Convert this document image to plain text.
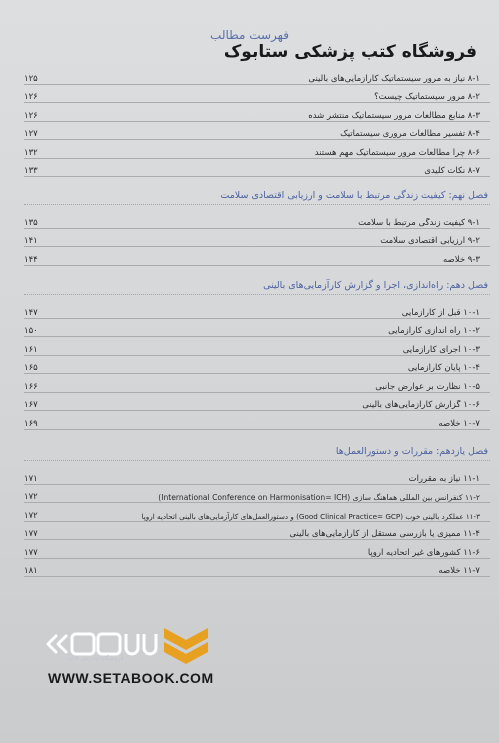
فهرست مطالب
فروشگاه کتب پزشکی ستابوک
۸-۱ نیاز به مرور سیستماتیک کارآزمایی‌های بالینی
۱۲۵
۸-۲ مرور سیستماتیک چیست؟
۱۲۶
۸-۳ منابع مطالعات مرور سیستماتیک منتشر شده
۱۲۶
۸-۴ تفسیر مطالعات مروری سیستماتیک
۱۲۷
۸-۶ چرا مطالعات مرور سیستماتیک مهم هستند
۱۳۲
۸-۷ نکات کلیدی
۱۳۳
فصل نهم: کیفیت زندگی مرتبط با سلامت و ارزیابی اقتصادی سلامت
۹-۱ کیفیت زندگی مرتبط با سلامت
۱۳۵
۹-۲ ارزیابی اقتصادی سلامت
۱۴۱
۹-۳ خلاصه
۱۴۴
فصل دهم: راه‌اندازی، اجرا و گزارش کارآزمایی‌های بالینی
۱۰-۱ قبل از کارآزمایی
۱۴۷
۱۰-۲ راه اندازی کارآزمایی
۱۵۰
۱۰-۳ اجرای کارآزمایی
۱۶۱
۱۰-۴ پایان کارآزمایی
۱۶۵
۱۰-۵ نظارت بر عوارض جانبی
۱۶۶
۱۰-۶ گزارش کارآزمایی‌های بالینی
۱۶۷
۱۰-۷ خلاصه
۱۶۹
فصل یازدهم: مقررات و دستورالعمل‌ها
۱۱-۱ نیاز به مقررات
۱۷۱
۱۱-۲ کنفرانس بین المللی هماهنگ سازی (International Conference on Harmonisation= ICH)
۱۷۲
۱۱-۳ عملکرد بالینی خوب (Good Clinical Practice= GCP) و دستورالعمل‌های کارآزمایی‌های بالینی اتحادیه اروپا
۱۷۲
۱۱-۴ ممیزی یا بازرسی مستقل از کارآزمایی‌های بالینی
۱۷۷
۱۱-۶ کشورهای غیر اتحادیه اروپا
۱۷۷
۱۱-۷ خلاصه
۱۸۱
فروشگاه اینترنتی کتاب
WWW.SETABOOK.COM
